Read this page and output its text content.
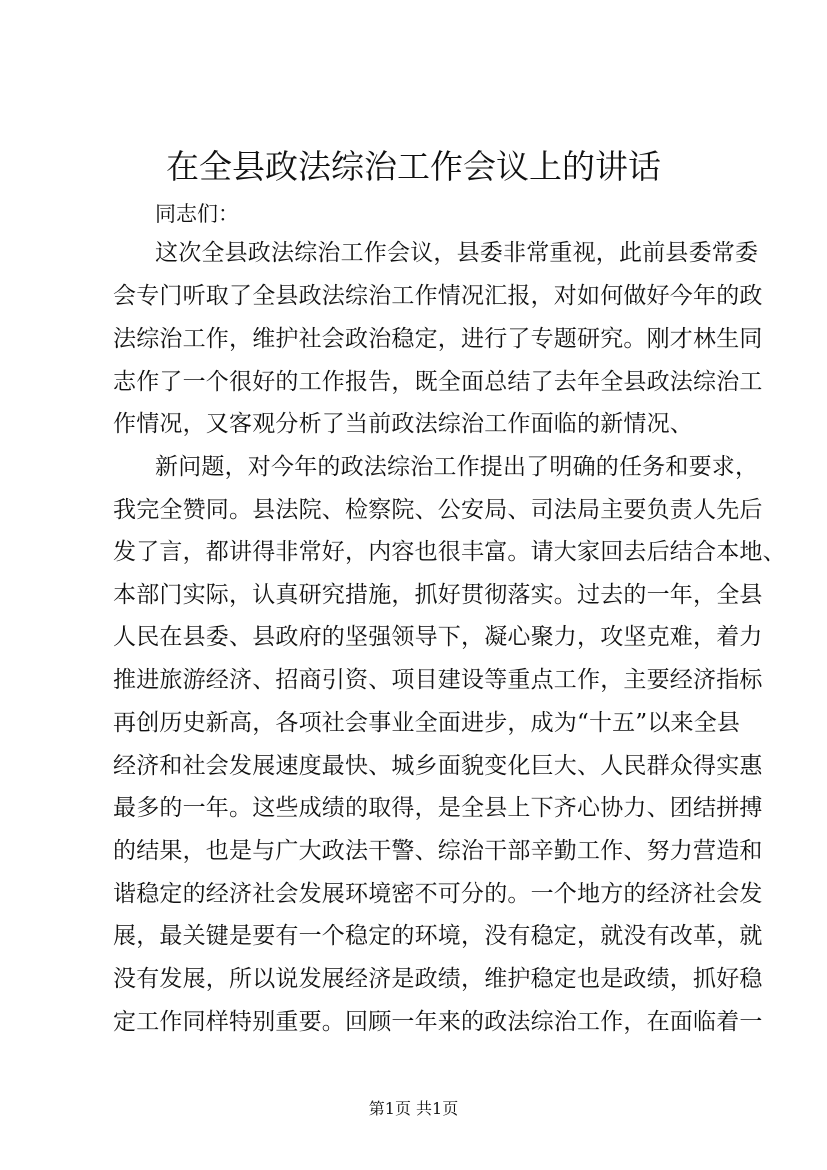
在全县政法综治工作会议上的讲话
同志们：
这次全县政法综治工作会议，县委非常重视，此前县委常委
会专门听取了全县政法综治工作情况汇报，对如何做好今年的政
法综治工作，维护社会政治稳定，进行了专题研究。刚才林生同
志作了一个很好的工作报告，既全面总结了去年全县政法综治工
作情况，又客观分析了当前政法综治工作面临的新情况、
新问题，对今年的政法综治工作提出了明确的任务和要求，
我完全赞同。县法院、检察院、公安局、司法局主要负责人先后
发了言，都讲得非常好，内容也很丰富。请大家回去后结合本地、
本部门实际，认真研究措施，抓好贯彻落实。过去的一年，全县
人民在县委、县政府的坚强领导下，凝心聚力，攻坚克难，着力
推进旅游经济、招商引资、项目建设等重点工作，主要经济指标
再创历史新高，各项社会事业全面进步，成为“十五”以来全县
经济和社会发展速度最快、城乡面貌变化巨大、人民群众得实惠
最多的一年。这些成绩的取得，是全县上下齐心协力、团结拼搏
的结果，也是与广大政法干警、综治干部辛勤工作、努力营造和
谐稳定的经济社会发展环境密不可分的。一个地方的经济社会发
展，最关键是要有一个稳定的环境，没有稳定，就没有改革，就
没有发展，所以说发展经济是政绩，维护稳定也是政绩，抓好稳
定工作同样特别重要。回顾一年来的政法综治工作，在面临着一
第1页 共1页
